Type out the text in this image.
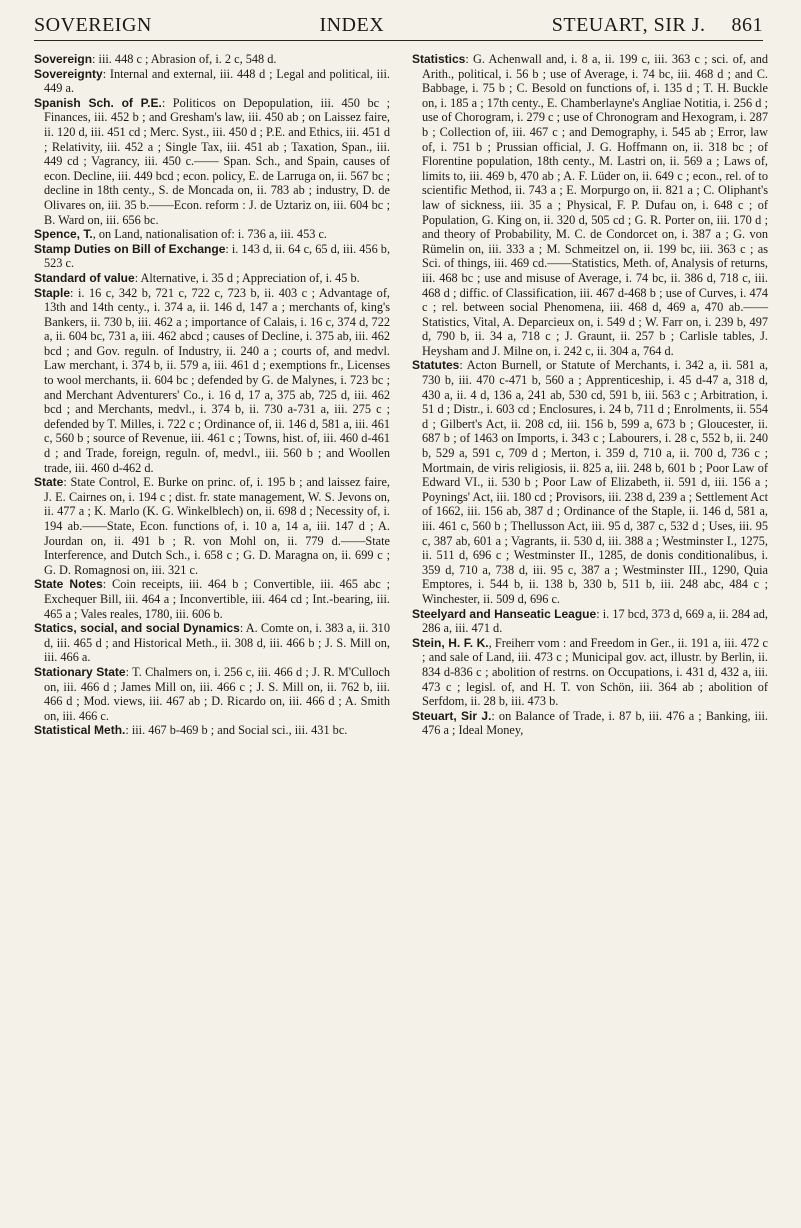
SOVEREIGN	INDEX	STEUART, SIR J. 861

Sovereign: iii. 448 c ; Abrasion of, i. 2 c, 548 d.

Sovereignty: Internal and external, iii. 448 d ; Legal and political, iii. 449 a.

Spanish Sch. of P.E.: Politicos on Depopulation, iii. 450 bc ; Finances, iii. 452 b ; and Gresham's law, iii. 450 ab ; on Laissez faire, ii. 120 d, iii. 451 cd ; Merc. Syst., iii. 450 d ; P.E. and Ethics, iii. 451 d ; Relativity, iii. 452 a ; Single Tax, iii. 451 ab ; Taxation, Span., iii. 449 cd ; Vagrancy, iii. 450 c.—— Span. Sch., and Spain, causes of econ. Decline, iii. 449 bcd ; econ. policy, E. de Larruga on, ii. 567 bc ; decline in 18th centy., S. de Moncada on, ii. 783 ab ; industry, D. de Olivares on, iii. 35 b.——Econ. reform : J. de Uztariz on, iii. 604 bc ; B. Ward on, iii. 656 bc.

Spence, T., on Land, nationalisation of: i. 736 a, iii. 453 c.

Stamp Duties on Bill of Exchange: i. 143 d, ii. 64 c, 65 d, iii. 456 b, 523 c.

Standard of value: Alternative, i. 35 d ; Appreciation of, i. 45 b.

Staple: i. 16 c, 342 b, 721 c, 722 c, 723 b, ii. 403 c ; Advantage of, 13th and 14th centy., i. 374 a, ii. 146 d, 147 a ; merchants of, king's Bankers, ii. 730 b, iii. 462 a ; importance of Calais, i. 16 c, 374 d, 722 a, ii. 604 bc, 731 a, iii. 462 abcd ; causes of Decline, i. 375 ab, iii. 462 bcd ; and Gov. reguln. of Industry, ii. 240 a ; courts of, and medvl. Law merchant, i. 374 b, ii. 579 a, iii. 461 d ; exemptions fr., Licenses to wool merchants, ii. 604 bc ; defended by G. de Malynes, i. 723 bc ; and Merchant Adventurers' Co., i. 16 d, 17 a, 375 ab, 725 d, iii. 462 bcd ; and Merchants, medvl., i. 374 b, ii. 730 a-731 a, iii. 275 c ; defended by T. Milles, i. 722 c ; Ordinance of, ii. 146 d, 581 a, iii. 461 c, 560 b ; source of Revenue, iii. 461 c ; Towns, hist. of, iii. 460 d-461 d ; and Trade, foreign, reguln. of, medvl., iii. 560 b ; and Woollen trade, iii. 460 d-462 d.

State: State Control, E. Burke on princ. of, i. 195 b ; and laissez faire, J. E. Cairnes on, i. 194 c ; dist. fr. state management, W. S. Jevons on, ii. 477 a ; K. Marlo (K. G. Winkelblech) on, ii. 698 d ; Necessity of, i. 194 ab.——State, Econ. functions of, i. 10 a, 14 a, iii. 147 d ; A. Jourdan on, ii. 491 b ; R. von Mohl on, ii. 779 d.——State Interference, and Dutch Sch., i. 658 c ; G. D. Maragna on, ii. 699 c ; G. D. Romagnosi on, iii. 321 c.

State Notes: Coin receipts, iii. 464 b ; Convertible, iii. 465 abc ; Exchequer Bill, iii. 464 a ; Inconvertible, iii. 464 cd ; Int.-bearing, iii. 465 a ; Vales reales, 1780, iii. 606 b.

Statics, social, and social Dynamics: A. Comte on, i. 383 a, ii. 310 d, iii. 465 d ; and Historical Meth., ii. 308 d, iii. 466 b ; J. S. Mill on, iii. 466 a.

Stationary State: T. Chalmers on, i. 256 c, iii. 466 d ; J. R. M'Culloch on, iii. 466 d ; James Mill on, iii. 466 c ; J. S. Mill on, ii. 762 b, iii. 466 d ; Mod. views, iii. 467 ab ; D. Ricardo on, iii. 466 d ; A. Smith on, iii. 466 c.

Statistical Meth.: iii. 467 b-469 b ; and Social sci., iii. 431 bc.

Statistics: G. Achenwall and, i. 8 a, ii. 199 c, iii. 363 c ; sci. of, and Arith., political, i. 56 b ; use of Average, i. 74 bc, iii. 468 d ; and C. Babbage, i. 75 b ; C. Besold on functions of, i. 135 d ; T. H. Buckle on, i. 185 a ; 17th centy., E. Chamberlayne's Angliae Notitia, i. 256 d ; use of Chorogram, i. 279 c ; use of Chronogram and Hexogram, i. 287 b ; Collection of, iii. 467 c ; and Demography, i. 545 ab ; Error, law of, i. 751 b ; Prussian official, J. G. Hoffmann on, ii. 318 bc ; of Florentine population, 18th centy., M. Lastri on, ii. 569 a ; Laws of, limits to, iii. 469 b, 470 ab ; A. F. Lüder on, ii. 649 c ; econ., rel. of to scientific Method, ii. 743 a ; E. Morpurgo on, ii. 821 a ; C. Oliphant's law of sickness, iii. 35 a ; Physical, F. P. Dufau on, i. 648 c ; of Population, G. King on, ii. 320 d, 505 cd ; G. R. Porter on, iii. 170 d ; and theory of Probability, M. C. de Condorcet on, i. 387 a ; G. von Rümelin on, iii. 333 a ; M. Schmeitzel on, ii. 199 bc, iii. 363 c ; as Sci. of things, iii. 469 cd.——Statistics, Meth. of, Analysis of returns, iii. 468 bc ; use and misuse of Average, i. 74 bc, ii. 386 d, 718 c, iii. 468 d ; diffic. of Classification, iii. 467 d-468 b ; use of Curves, i. 474 c ; rel. between social Phenomena, iii. 468 d, 469 a, 470 ab.——Statistics, Vital, A. Deparcieux on, i. 549 d ; W. Farr on, i. 239 b, 497 d, 790 b, ii. 34 a, 718 c ; J. Graunt, ii. 257 b ; Carlisle tables, J. Heysham and J. Milne on, i. 242 c, ii. 304 a, 764 d.

Statutes: Acton Burnell, or Statute of Merchants, i. 342 a, ii. 581 a, 730 b, iii. 470 c-471 b, 560 a ; Apprenticeship, i. 45 d-47 a, 318 d, 430 a, ii. 4 d, 136 a, 241 ab, 530 cd, 591 b, iii. 563 c ; Arbitration, i. 51 d ; Distr., i. 603 cd ; Enclosures, i. 24 b, 711 d ; Enrolments, ii. 554 d ; Gilbert's Act, ii. 208 cd, iii. 156 b, 599 a, 673 b ; Gloucester, ii. 687 b ; of 1463 on Imports, i. 343 c ; Labourers, i. 28 c, 552 b, ii. 240 b, 529 a, 591 c, 709 d ; Merton, i. 359 d, 710 a, ii. 700 d, 736 c ; Mortmain, de viris religiosis, ii. 825 a, iii. 248 b, 601 b ; Poor Law of Edward VI., ii. 530 b ; Poor Law of Elizabeth, ii. 591 d, iii. 156 a ; Poynings' Act, iii. 180 cd ; Provisors, iii. 238 d, 239 a ; Settlement Act of 1662, iii. 156 ab, 387 d ; Ordinance of the Staple, ii. 146 d, 581 a, iii. 461 c, 560 b ; Thellusson Act, iii. 95 d, 387 c, 532 d ; Uses, iii. 95 c, 387 ab, 601 a ; Vagrants, ii. 530 d, iii. 388 a ; Westminster I., 1275, ii. 511 d, 696 c ; Westminster II., 1285, de donis conditionalibus, i. 359 d, 710 a, 738 d, iii. 95 c, 387 a ; Westminster III., 1290, Quia Emptores, i. 544 b, ii. 138 b, 330 b, 511 b, iii. 248 abc, 484 c ; Winchester, ii. 509 d, 696 c.

Steelyard and Hanseatic League: i. 17 bcd, 373 d, 669 a, ii. 284 ad, 286 a, iii. 471 d.

Stein, H. F. K., Freiherr vom : and Freedom in Ger., ii. 191 a, iii. 472 c ; and sale of Land, iii. 473 c ; Municipal gov. act, illustr. by Berlin, ii. 834 d-836 c ; abolition of restrns. on Occupations, i. 431 d, 432 a, iii. 473 c ; legisl. of, and H. T. von Schön, iii. 364 ab ; abolition of Serfdom, ii. 28 b, iii. 473 b.

Steuart, Sir J.: on Balance of Trade, i. 87 b, iii. 476 a ; Banking, iii. 476 a ; Ideal Money,
